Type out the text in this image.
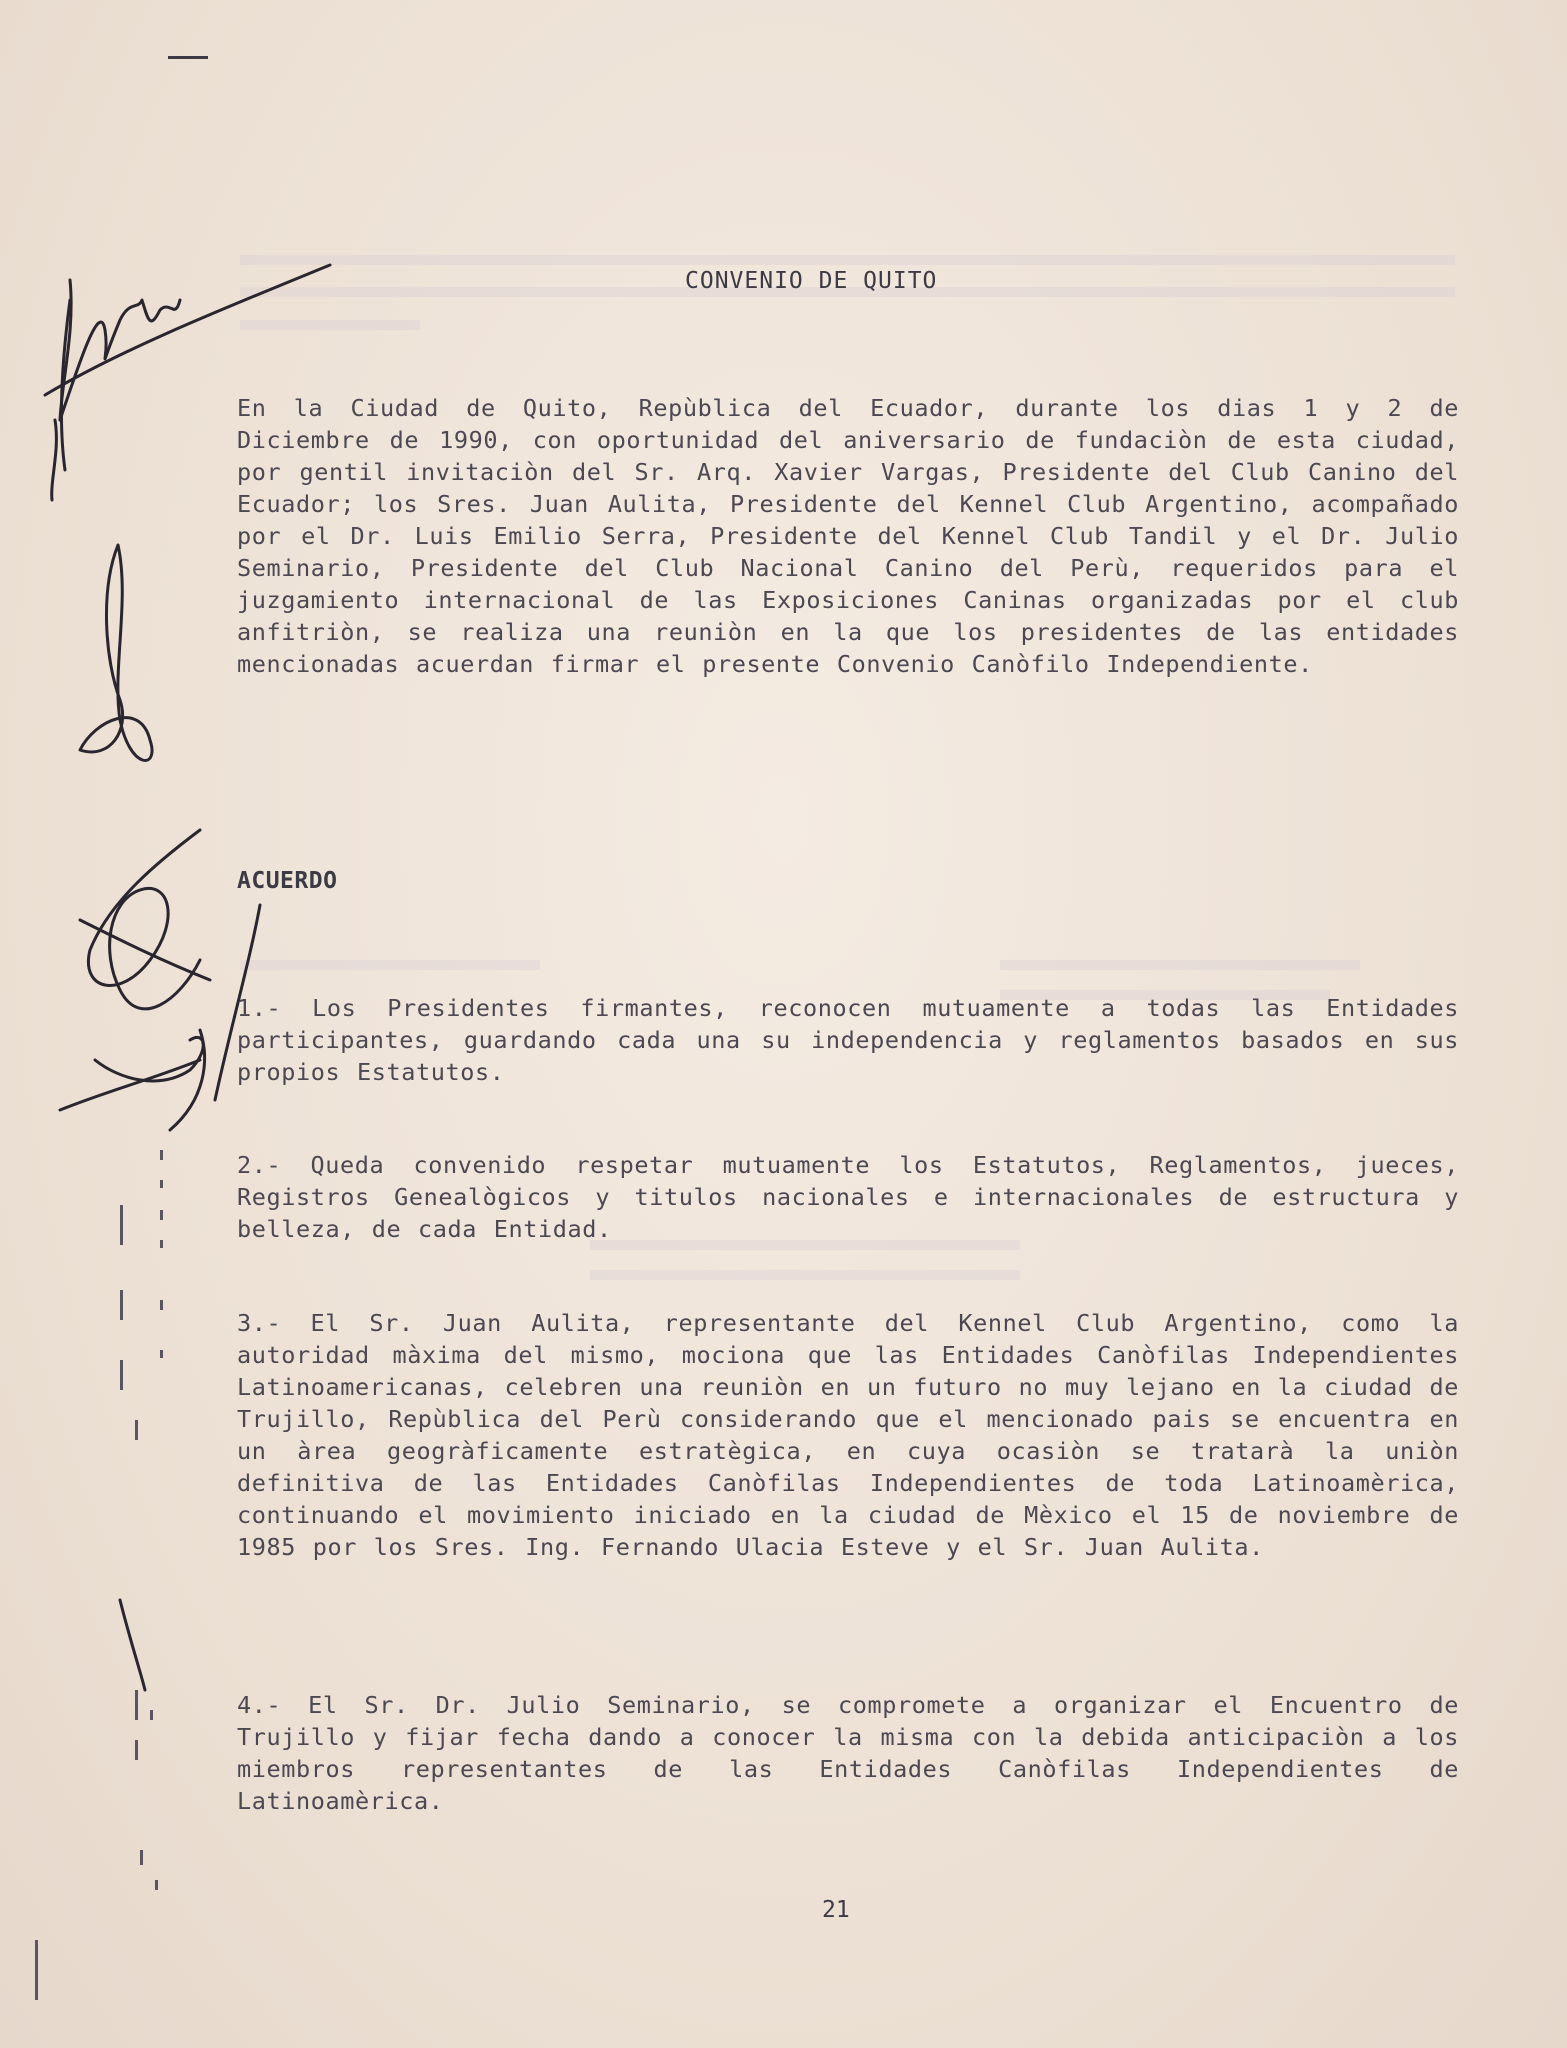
CONVENIO DE QUITO
En la Ciudad de Quito, Repùblica del Ecuador, durante los dias 1 y 2 de Diciembre de 1990, con oportunidad del aniversario de fundaciòn de esta ciudad, por gentil invitaciòn del Sr. Arq. Xavier Vargas, Presidente del Club Canino del Ecuador; los Sres. Juan Aulita, Presidente del Kennel Club Argentino, acompañado por el Dr. Luis Emilio Serra, Presidente del Kennel Club Tandil y el Dr. Julio Seminario, Presidente del Club Nacional Canino del Perù, requeridos para el juzgamiento internacional de las Exposiciones Caninas organizadas por el club anfitriòn, se realiza una reuniòn en la que los presidentes de las entidades mencionadas acuerdan firmar el presente Convenio Canòfilo Independiente.
ACUERDO
1.- Los Presidentes firmantes, reconocen mutuamente a todas las Entidades participantes, guardando cada una su independencia y reglamentos basados en sus propios Estatutos.
2.- Queda convenido respetar mutuamente los Estatutos, Reglamentos, jueces, Registros Genealògicos y titulos nacionales e internacionales de estructura y belleza, de cada Entidad.
3.- El Sr. Juan Aulita, representante del Kennel Club Argentino, como la autoridad màxima del mismo, mociona que las Entidades Canòfilas Independientes Latinoamericanas, celebren una reuniòn en un futuro no muy lejano en la ciudad de Trujillo, Repùblica del Perù considerando que el mencionado pais se encuentra en un àrea geogràficamente estratègica, en cuya ocasiòn se tratarà la uniòn definitiva de las Entidades Canòfilas Independientes de toda Latinoamèrica, continuando el movimiento iniciado en la ciudad de Mèxico el 15 de noviembre de 1985 por los Sres. Ing. Fernando Ulacia Esteve y el Sr. Juan Aulita.
4.- El Sr. Dr. Julio Seminario, se compromete a organizar el Encuentro de Trujillo y fijar fecha dando a conocer la misma con la debida anticipaciòn a los miembros representantes de las Entidades Canòfilas Independientes de Latinoamèrica.
21
